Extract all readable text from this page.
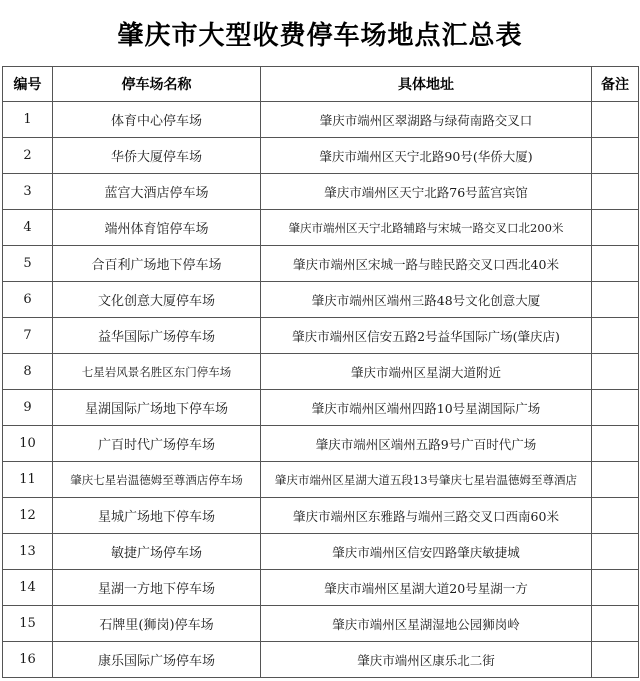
肇庆市大型收费停车场地点汇总表
编号	停车场名称	具体地址	备注
1	体育中心停车场	肇庆市端州区翠湖路与绿荷南路交叉口	
2	华侨大厦停车场	肇庆市端州区天宁北路90号(华侨大厦)	
3	蓝宫大酒店停车场	肇庆市端州区天宁北路76号蓝宫宾馆	
4	端州体育馆停车场	肇庆市端州区天宁北路辅路与宋城一路交叉口北200米	
5	合百利广场地下停车场	肇庆市端州区宋城一路与睦民路交叉口西北40米	
6	文化创意大厦停车场	肇庆市端州区端州三路48号文化创意大厦	
7	益华国际广场停车场	肇庆市端州区信安五路2号益华国际广场(肇庆店)	
8	七星岩风景名胜区东门停车场	肇庆市端州区星湖大道附近	
9	星湖国际广场地下停车场	肇庆市端州区端州四路10号星湖国际广场	
10	广百时代广场停车场	肇庆市端州区端州五路9号广百时代广场	
11	肇庆七星岩温德姆至尊酒店停车场	肇庆市端州区星湖大道五段13号肇庆七星岩温德姆至尊酒店	
12	星城广场地下停车场	肇庆市端州区东雅路与端州三路交叉口西南60米	
13	敏捷广场停车场	肇庆市端州区信安四路肇庆敏捷城	
14	星湖一方地下停车场	肇庆市端州区星湖大道20号星湖一方	
15	石牌里(狮岗)停车场	肇庆市端州区星湖湿地公园狮岗岭	
16	康乐国际广场停车场	肇庆市端州区康乐北二街	
